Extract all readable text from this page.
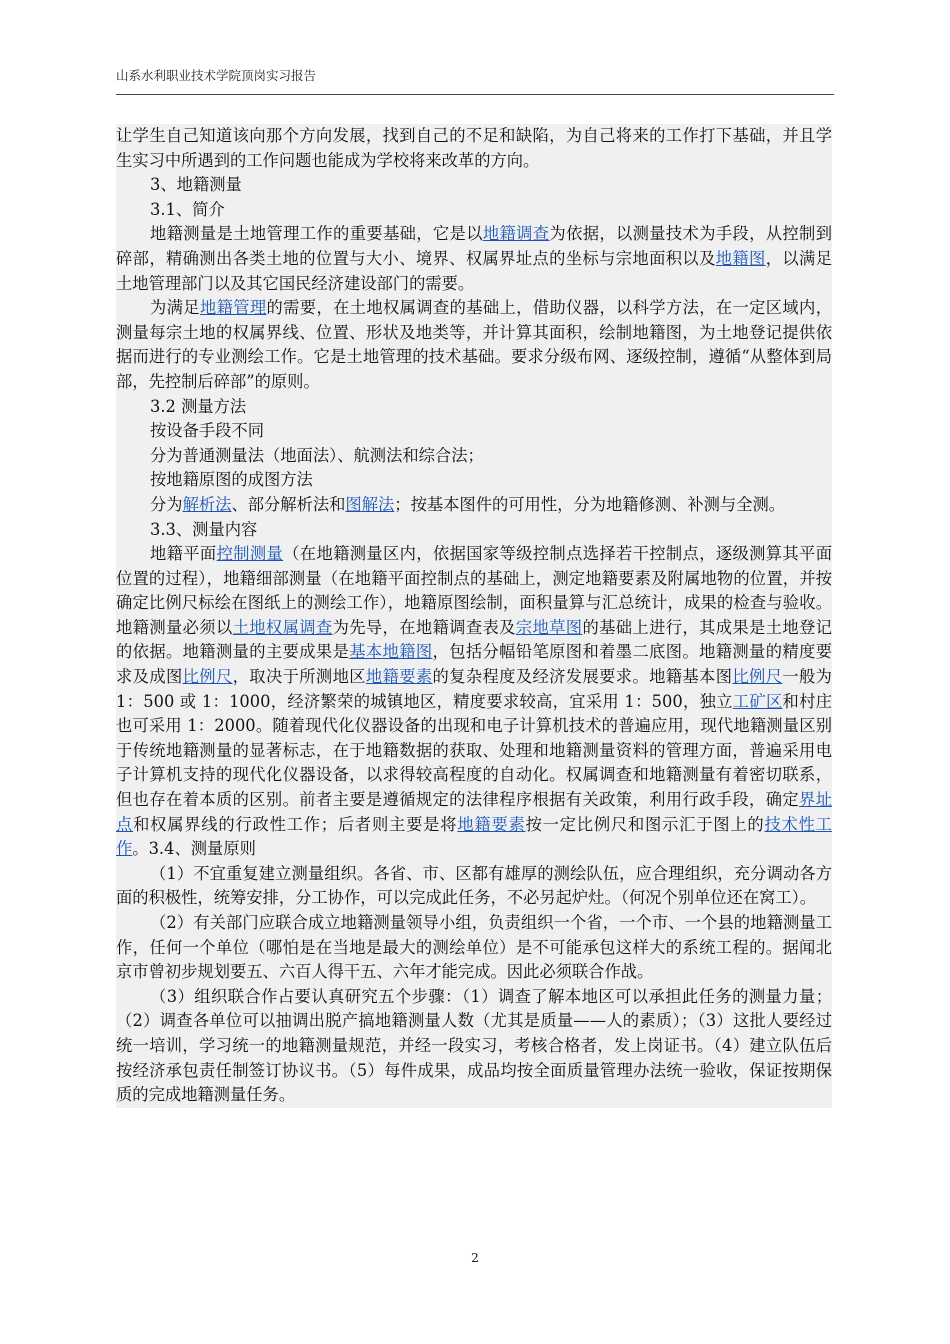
山系水利职业技术学院顶岗实习报告

让学生自己知道该向那个方向发展，找到自己的不足和缺陷，为自己将来的工作打下基础，并且学生实习中所遇到的工作问题也能成为学校将来改革的方向。

3、地籍测量

3.1、简介

地籍测量是土地管理工作的重要基础，它是以地籍调查为依据，以测量技术为手段，从控制到碎部，精确测出各类土地的位置与大小、境界、权属界址点的坐标与宗地面积以及地籍图，以满足土地管理部门以及其它国民经济建设部门的需要。

为满足地籍管理的需要，在土地权属调查的基础上，借助仪器，以科学方法，在一定区域内，测量每宗土地的权属界线、位置、形状及地类等，并计算其面积，绘制地籍图，为土地登记提供依据而进行的专业测绘工作。它是土地管理的技术基础。要求分级布网、逐级控制，遵循“从整体到局部，先控制后碎部”的原则。

3.2 测量方法

按设备手段不同

分为普通测量法（地面法）、航测法和综合法；

按地籍原图的成图方法

分为解析法、部分解析法和图解法；按基本图件的可用性，分为地籍修测、补测与全测。

3.3、测量内容

地籍平面控制测量（在地籍测量区内，依据国家等级控制点选择若干控制点，逐级测算其平面位置的过程），地籍细部测量（在地籍平面控制点的基础上，测定地籍要素及附属地物的位置，并按确定比例尺标绘在图纸上的测绘工作），地籍原图绘制，面积量算与汇总统计，成果的检查与验收。地籍测量必须以土地权属调查为先导，在地籍调查表及宗地草图的基础上进行，其成果是土地登记的依据。地籍测量的主要成果是基本地籍图，包括分幅铅笔原图和着墨二底图。地籍测量的精度要求及成图比例尺，取决于所测地区地籍要素的复杂程度及经济发展要求。地籍基本图比例尺一般为 1：500 或 1：1000，经济繁荣的城镇地区，精度要求较高，宜采用 1：500，独立工矿区和村庄也可采用 1：2000。随着现代化仪器设备的出现和电子计算机技术的普遍应用，现代地籍测量区别于传统地籍测量的显著标志，在于地籍数据的获取、处理和地籍测量资料的管理方面，普遍采用电子计算机支持的现代化仪器设备，以求得较高程度的自动化。权属调查和地籍测量有着密切联系，但也存在着本质的区别。前者主要是遵循规定的法律程序根据有关政策，利用行政手段，确定界址点和权属界线的行政性工作；后者则主要是将地籍要素按一定比例尺和图示汇于图上的技术性工作。3.4、测量原则

（1）不宜重复建立测量组织。各省、市、区都有雄厚的测绘队伍，应合理组织，充分调动各方面的积极性，统筹安排，分工协作，可以完成此任务，不必另起炉灶。（何况个别单位还在窝工）。

（2）有关部门应联合成立地籍测量领导小组，负责组织一个省，一个市、一个县的地籍测量工作，任何一个单位（哪怕是在当地是最大的测绘单位）是不可能承包这样大的系统工程的。据闻北京市曾初步规划要五、六百人得干五、六年才能完成。因此必须联合作战。

（3）组织联合作占要认真研究五个步骤：（1）调查了解本地区可以承担此任务的测量力量；（2）调查各单位可以抽调出脱产搞地籍测量人数（尤其是质量——人的素质）；（3）这批人要经过统一培训，学习统一的地籍测量规范，并经一段实习，考核合格者，发上岗证书。（4）建立队伍后按经济承包责任制签订协议书。（5）每件成果，成品均按全面质量管理办法统一验收，保证按期保质的完成地籍测量任务。

2
